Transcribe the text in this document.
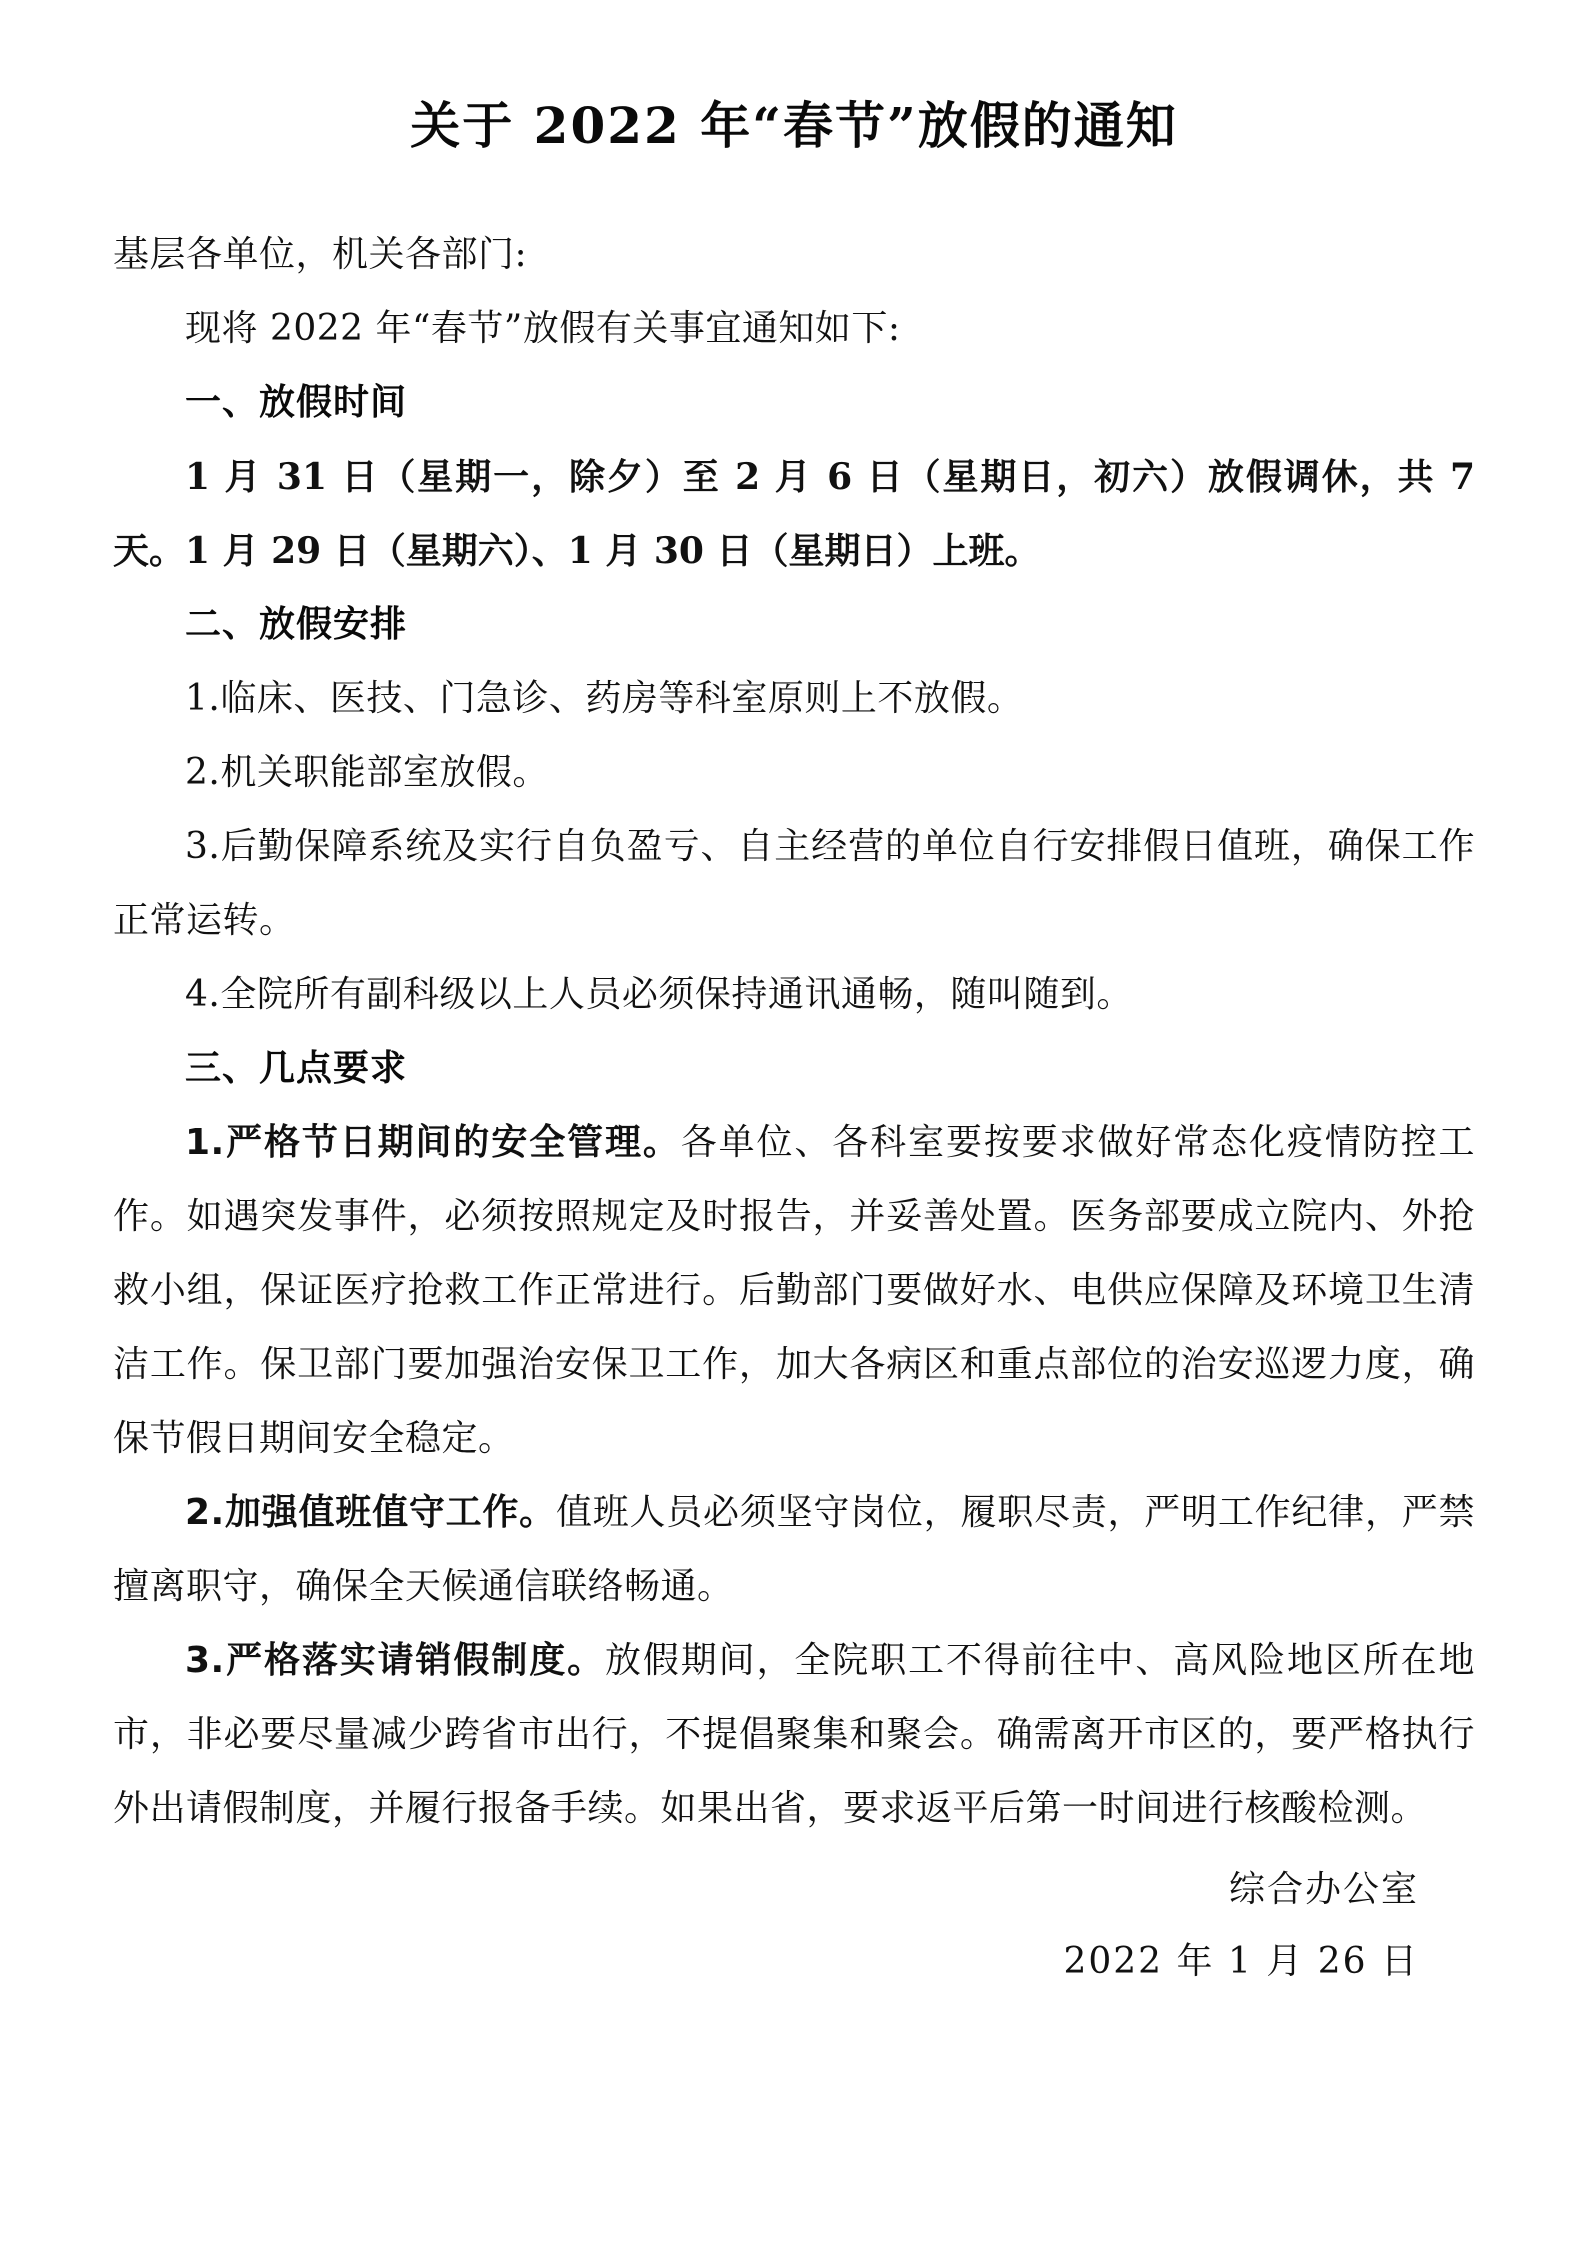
关于 2022 年“春节”放假的通知

基层各单位，机关各部门:

现将 2022 年“春节”放假有关事宜通知如下:

一、放假时间

1 月 31 日（星期一，除夕）至 2 月 6 日（星期日，初六）放假调休，共 7 天。1 月 29 日（星期六）、1 月 30 日（星期日）上班。

二、放假安排

1.临床、医技、门急诊、药房等科室原则上不放假。

2.机关职能部室放假。

3.后勤保障系统及实行自负盈亏、自主经营的单位自行安排假日值班，确保工作正常运转。

4.全院所有副科级以上人员必须保持通讯通畅，随叫随到。

三、几点要求

1.严格节日期间的安全管理。各单位、各科室要按要求做好常态化疫情防控工作。如遇突发事件，必须按照规定及时报告，并妥善处置。医务部要成立院内、外抢救小组，保证医疗抢救工作正常进行。后勤部门要做好水、电供应保障及环境卫生清洁工作。保卫部门要加强治安保卫工作，加大各病区和重点部位的治安巡逻力度，确保节假日期间安全稳定。

2.加强值班值守工作。值班人员必须坚守岗位，履职尽责，严明工作纪律，严禁擅离职守，确保全天候通信联络畅通。

3.严格落实请销假制度。放假期间，全院职工不得前往中、高风险地区所在地市，非必要尽量减少跨省市出行，不提倡聚集和聚会。确需离开市区的，要严格执行外出请假制度，并履行报备手续。如果出省，要求返平后第一时间进行核酸检测。

综合办公室
2022 年 1 月 26 日
